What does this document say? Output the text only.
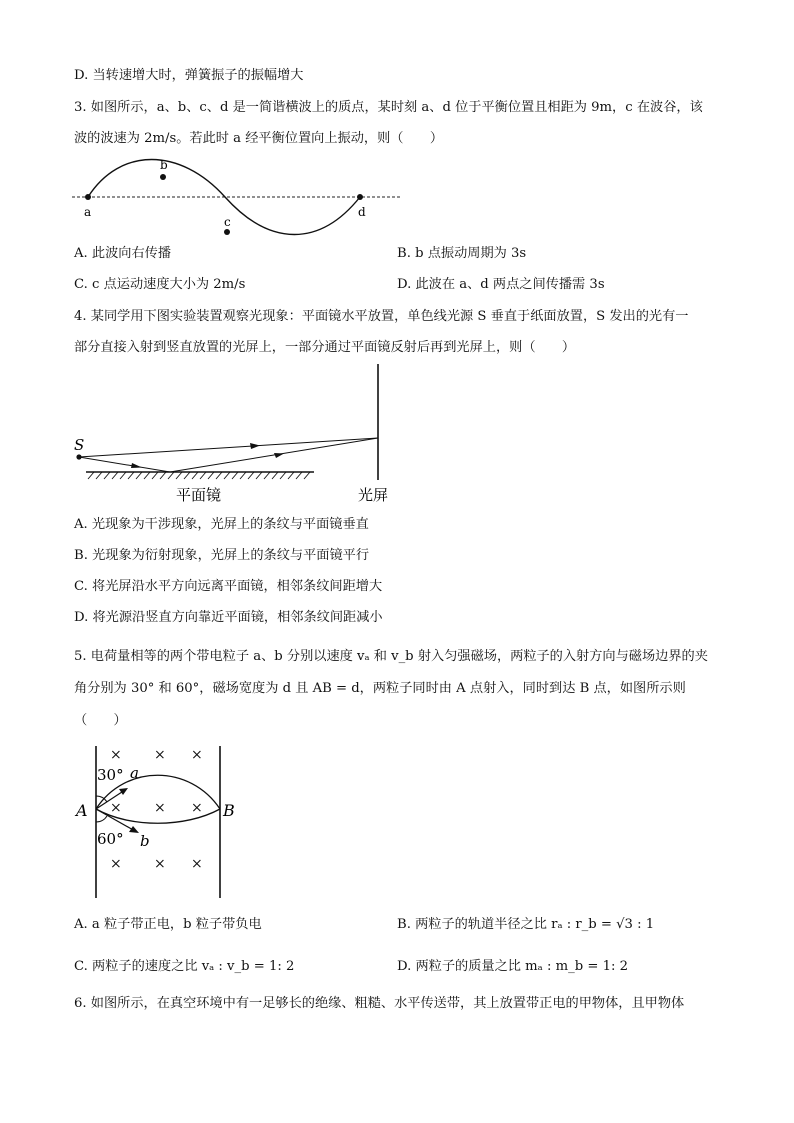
D. 当转速增大时，弹簧振子的振幅增大
3. 如图所示，a、b、c、d 是一简谐横波上的质点，某时刻 a、d 位于平衡位置且相距为 9m，c 在波谷，该
波的波速为 2m/s。若此时 a 经平衡位置向上振动，则（　　）
a
b
c
d
A. 此波向右传播	B. b 点振动周期为 3s
C. c 点运动速度大小为 2m/s	D. 此波在 a、d 两点之间传播需 3s
4. 某同学用下图实验装置观察光现象：平面镜水平放置，单色线光源 S 垂直于纸面放置，S 发出的光有一
部分直接入射到竖直放置的光屏上，一部分通过平面镜反射后再到光屏上，则（　　）
S
平面镜	光屏
A. 光现象为干涉现象，光屏上的条纹与平面镜垂直
B. 光现象为衍射现象，光屏上的条纹与平面镜平行
C. 将光屏沿水平方向远离平面镜，相邻条纹间距增大
D. 将光源沿竖直方向靠近平面镜，相邻条纹间距减小
5. 电荷量相等的两个带电粒子 a、b 分别以速度 vₐ 和 v_b 射入匀强磁场，两粒子的入射方向与磁场边界的夹
角分别为 30° 和 60°，磁场宽度为 d 且 AB = d，两粒子同时由 A 点射入，同时到达 B 点，如图所示则
（　　）
× × ×
× × ×
× × ×
30° a
60° b
A	B
A. a 粒子带正电，b 粒子带负电	B. 两粒子的轨道半径之比 rₐ : r_b = √3 : 1
C. 两粒子的速度之比 vₐ : v_b = 1: 2	D. 两粒子的质量之比 mₐ : m_b = 1: 2
6. 如图所示，在真空环境中有一足够长的绝缘、粗糙、水平传送带，其上放置带正电的甲物体，且甲物体
